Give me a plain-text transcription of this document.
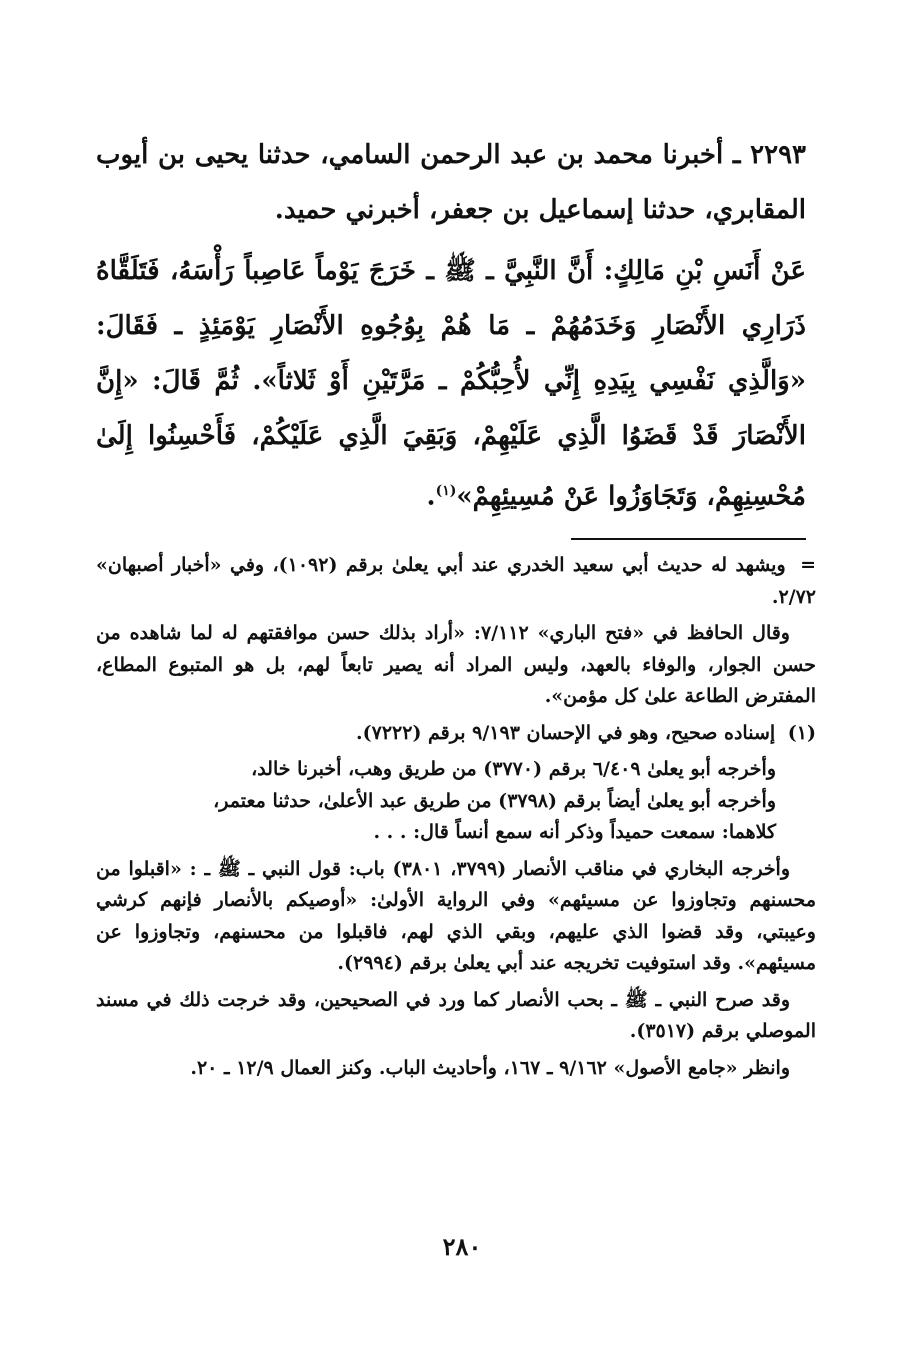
٢٢٩٣ ـ أخبرنا محمد بن عبد الرحمن السامي، حدثنا يحيى بن أيوب المقابري، حدثنا إسماعيل بن جعفر، أخبرني حميد.

عَنْ أَنَسِ بْنِ مَالِكٍ: أَنَّ النَّبِيَّ ـ ﷺ ـ خَرَجَ يَوْماً عَاصِباً رَأْسَهُ، فَتَلَقَّاهُ ذَرَارِي الأَنْصَارِ وَخَدَمُهُمْ ـ مَا هُمْ بِوُجُوهِ الأَنْصَارِ يَوْمَئِذٍ ـ فَقَالَ: «وَالَّذِي نَفْسِي بِيَدِهِ إِنِّي لأُحِبُّكُمْ ـ مَرَّتَيْنِ أَوْ ثَلاثاً». ثُمَّ قَالَ: «إِنَّ الأَنْصَارَ قَدْ قَضَوُا الَّذِي عَلَيْهِمْ، وَبَقِيَ الَّذِي عَلَيْكُمْ، فَأَحْسِنُوا إِلَىٰ مُحْسِنِهِمْ، وَتَجَاوَزُوا عَنْ مُسِيئِهِمْ»$^{(١)}$.

= ويشهد له حديث أبي سعيد الخدري عند أبي يعلىٰ برقم (١٠٩٢)، وفي «أخبار أصبهان» ٢/٧٢.

وقال الحافظ في «فتح الباري» ٧/١١٢: «أراد بذلك حسن موافقتهم له لما شاهده من حسن الجوار، والوفاء بالعهد، وليس المراد أنه يصير تابعاً لهم، بل هو المتبوع المطاع، المفترض الطاعة علىٰ كل مؤمن».

(١) إسناده صحيح، وهو في الإحسان ٩/١٩٣ برقم (٧٢٢٢).

وأخرجه أبو يعلىٰ ٦/٤٠٩ برقم (٣٧٧٠) من طريق وهب، أخبرنا خالد،

وأخرجه أبو يعلىٰ أيضاً برقم (٣٧٩٨) من طريق عبد الأعلىٰ، حدثنا معتمر،

كلاهما: سمعت حميداً وذكر أنه سمع أنساً قال: . . .

وأخرجه البخاري في مناقب الأنصار (٣٧٩٩، ٣٨٠١) باب: قول النبي ـ ﷺ ـ : «اقبلوا من محسنهم وتجاوزوا عن مسيئهم» وفي الرواية الأولىٰ: «أوصيكم بالأنصار فإنهم كرشي وعيبتي، وقد قضوا الذي عليهم، وبقي الذي لهم، فاقبلوا من محسنهم، وتجاوزوا عن مسيئهم». وقد استوفيت تخريجه عند أبي يعلىٰ برقم (٢٩٩٤).

وقد صرح النبي ـ ﷺ ـ بحب الأنصار كما ورد في الصحيحين، وقد خرجت ذلك في مسند الموصلي برقم (٣٥١٧).

وانظر «جامع الأصول» ٩/١٦٢ ـ ١٦٧، وأحاديث الباب. وكنز العمال ١٢/٩ ـ ٢٠.

٢٨٠
